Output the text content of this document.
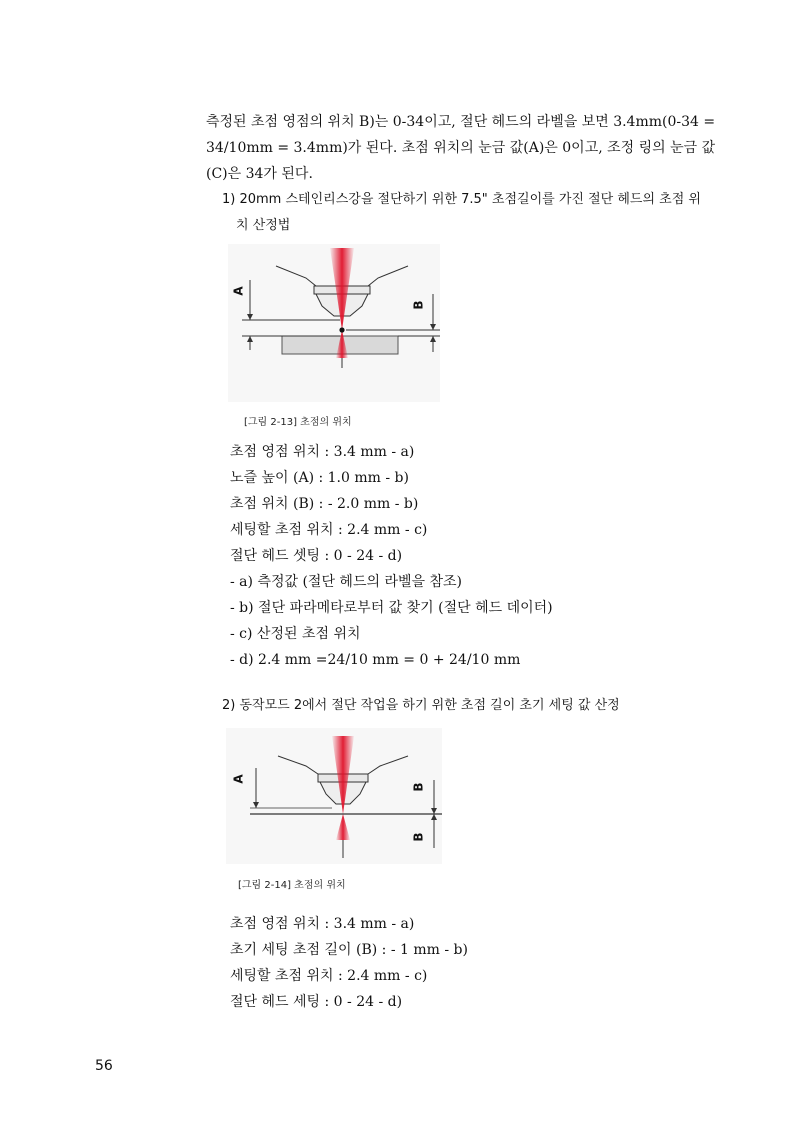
측정된 초점 영점의 위치 B)는 0-34이고, 절단 헤드의 라벨을 보면 3.4mm(0-34 =
34/10mm = 3.4mm)가 된다. 초점 위치의 눈금 값(A)은 0이고, 조정 링의 눈금 값
(C)은 34가 된다.
1) 20mm 스테인리스강을 절단하기 위한 7.5" 초점길이를 가진 절단 헤드의 초점 위
치 산정법
A
B
[그림 2-13] 초점의 위치
초점 영점 위치 : 3.4 mm - a)
노즐 높이 (A) : 1.0 mm - b)
초점 위치 (B) : - 2.0 mm - b)
세팅할 초점 위치 : 2.4 mm - c)
절단 헤드 셋팅 : 0 - 24 - d)
- a) 측정값 (절단 헤드의 라벨을 참조)
- b) 절단 파라메타로부터 값 찾기 (절단 헤드 데이터)
- c) 산정된 초점 위치
- d) 2.4 mm =24/10 mm = 0 + 24/10 mm
2) 동작모드 2에서 절단 작업을 하기 위한 초점 길이 초기 세팅 값 산정
A
B
B
[그림 2-14] 초점의 위치
초점 영점 위치 : 3.4 mm - a)
초기 세팅 초점 길이 (B) : - 1 mm - b)
세팅할 초점 위치 : 2.4 mm - c)
절단 헤드 세팅 : 0 - 24 - d)
56
